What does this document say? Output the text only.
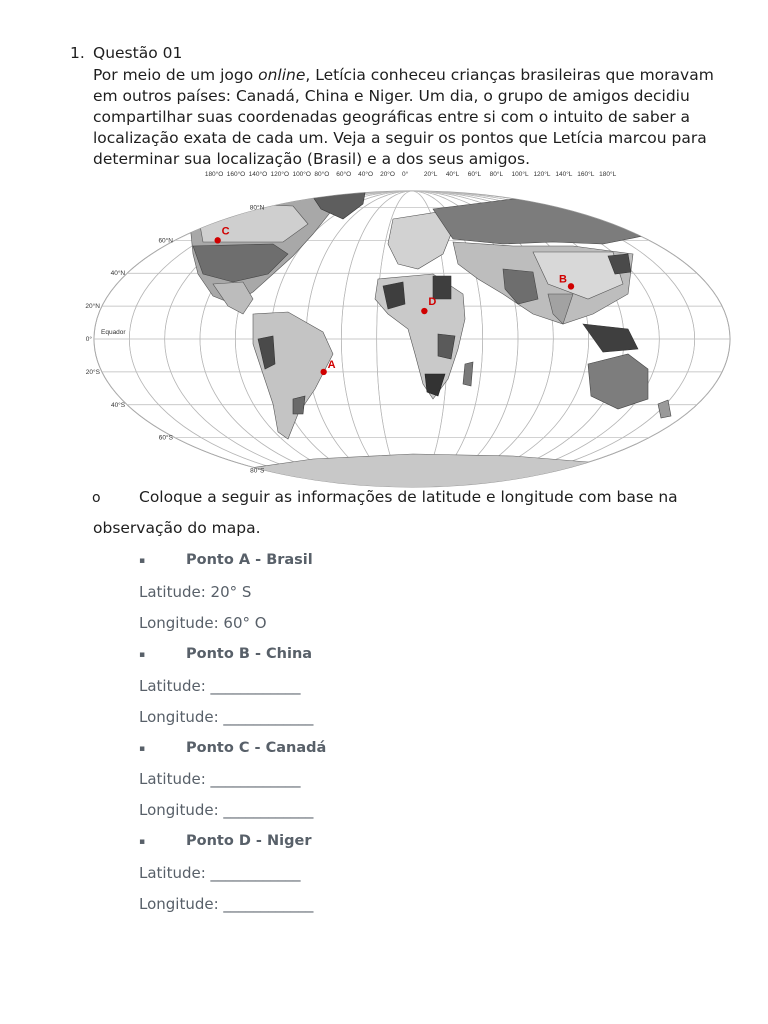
1. Questão 01
Por meio de um jogo online, Letícia conheceu crianças brasileiras que moravam
em outros países: Canadá, China e Niger. Um dia, o grupo de amigos decidiu
compartilhar suas coordenadas geográficas entre si com o intuito de saber a
localização exata de cada um. Veja a seguir os pontos que Letícia marcou para
determinar sua localização (Brasil) e a dos seus amigos.
180°O 160°O 140°O 120°O 100°O 80°O 60°O 40°O 20°O 0° 20°L 40°L 60°L 80°L 100°L 120°L 140°L 160°L 180°L
80°N
60°N
40°N
20°N
0°
20°S
40°S
60°S
80°S
Equador
A
B
C
D
o Coloque a seguir as informações de latitude e longitude com base na
observação do mapa.
▪	Ponto A - Brasil
Latitude: 20° S
Longitude: 60° O
▪	Ponto B - China
Latitude: ____________
Longitude: ____________
▪	Ponto C - Canadá
Latitude: ____________
Longitude: ____________
▪	Ponto D - Niger
Latitude: ____________
Longitude: ____________
